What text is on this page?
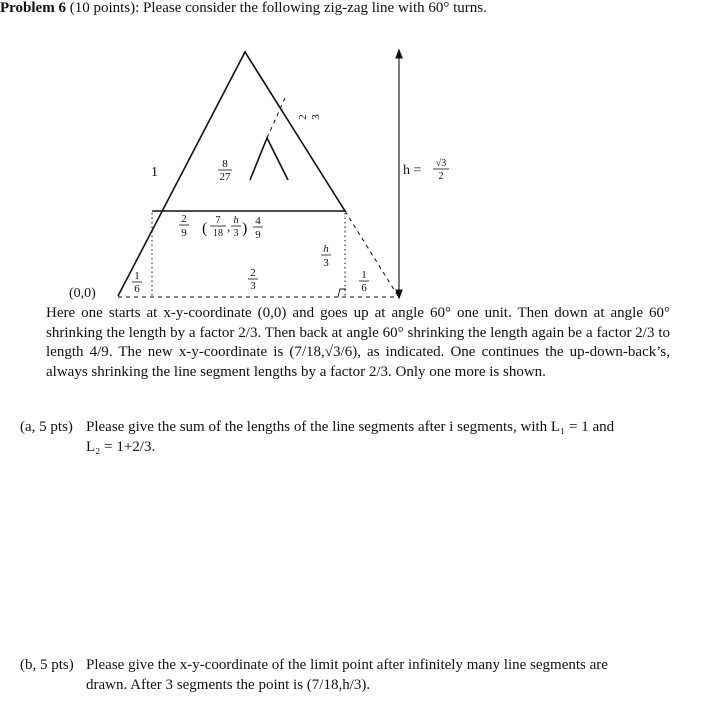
Problem 6 (10 points): Please consider the following zig-zag line with 60° turns.
(0,0)
1
8
27
2 3
h = √3
2
2
9 ( 7
18 , h
3 ) 4
9
h
3
1
6
2
3
1
6
Here one starts at x-y-coordinate (0,0) and goes up at angle 60° one unit. Then down at angle 60° shrinking the length by a factor 2/3. Then back at angle 60° shrinking the length again be a factor 2/3 to length 4/9. The new x-y-coordinate is (7/18,√3/6), as indicated. One continues the up-down-back’s, always shrinking the line segment lengths by a factor 2/3. Only one more is shown.
(a, 5 pts) Please give the sum of the lengths of the line segments after i segments, with L₁ = 1 and
L₂ = 1+2/3.
(b, 5 pts) Please give the x-y-coordinate of the limit point after infinitely many line segments are
drawn. After 3 segments the point is (7/18,h/3).
